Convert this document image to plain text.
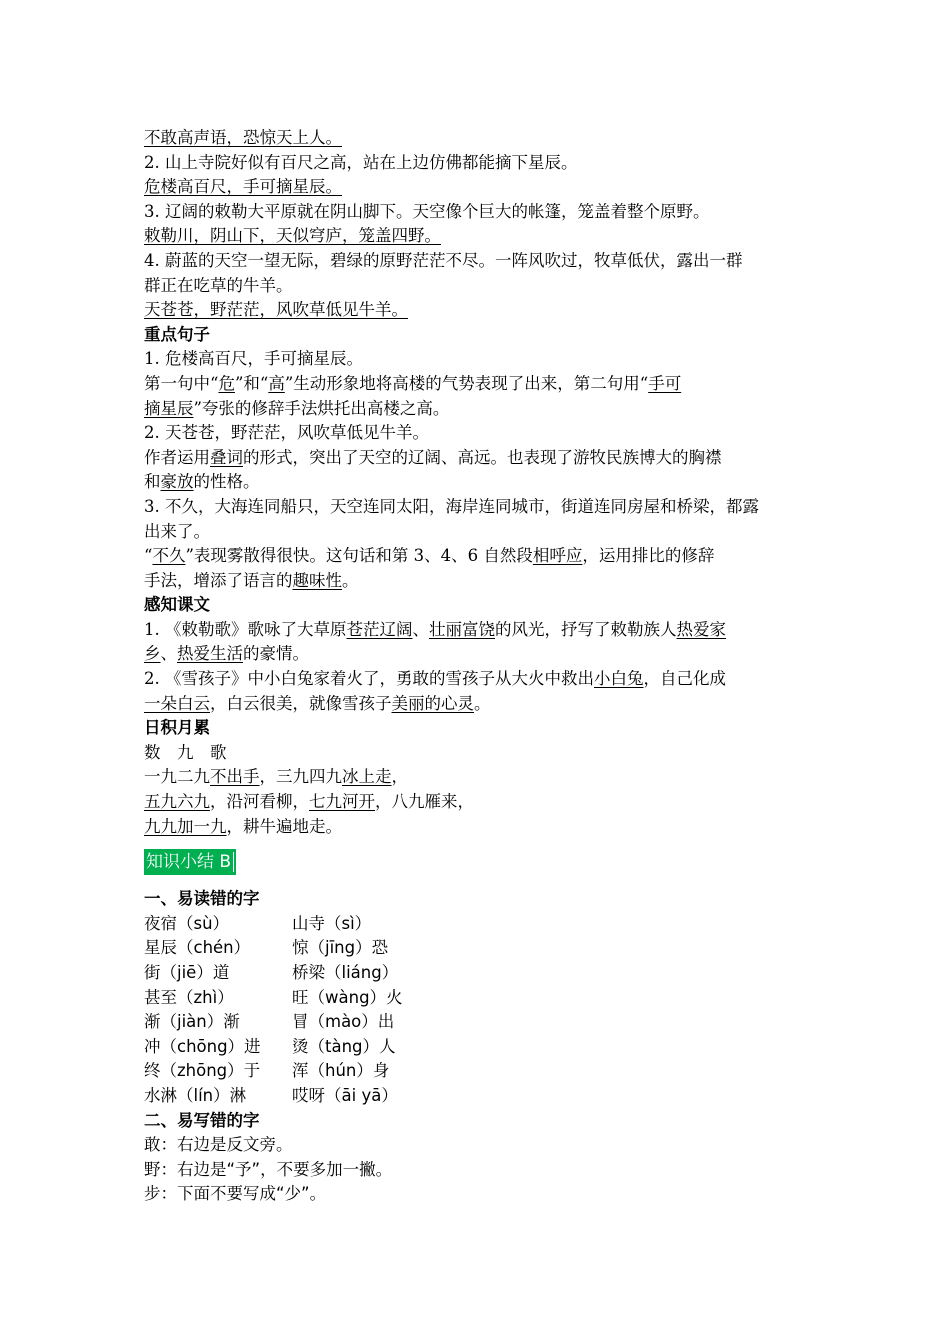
不敢高声语，恐惊天上人。
2. 山上寺院好似有百尺之高，站在上边仿佛都能摘下星辰。
危楼高百尺，手可摘星辰。
3. 辽阔的敕勒大平原就在阴山脚下。天空像个巨大的帐篷，笼盖着整个原野。
敕勒川，阴山下，天似穹庐，笼盖四野。
4. 蔚蓝的天空一望无际，碧绿的原野茫茫不尽。一阵风吹过，牧草低伏，露出一群
群正在吃草的牛羊。
天苍苍，野茫茫，风吹草低见牛羊。
重点句子
1. 危楼高百尺，手可摘星辰。
第一句中“危”和“高”生动形象地将高楼的气势表现了出来，第二句用“手可
摘星辰”夸张的修辞手法烘托出高楼之高。
2. 天苍苍，野茫茫，风吹草低见牛羊。
作者运用叠词的形式，突出了天空的辽阔、高远。也表现了游牧民族博大的胸襟
和豪放的性格。
3. 不久，大海连同船只，天空连同太阳，海岸连同城市，街道连同房屋和桥梁，都露
出来了。
“不久”表现雾散得很快。这句话和第 3、4、6 自然段相呼应，运用排比的修辞
手法，增添了语言的趣味性。
感知课文
1. 《敕勒歌》歌咏了大草原苍茫辽阔、壮丽富饶的风光，抒写了敕勒族人热爱家
乡、热爱生活的豪情。
2. 《雪孩子》中小白兔家着火了，勇敢的雪孩子从大火中救出小白兔，自己化成
一朵白云，白云很美，就像雪孩子美丽的心灵。
日积月累
数　九　歌
一九二九不出手，三九四九冰上走，
五九六九，沿河看柳，七九河开，八九雁来，
九九加一九，耕牛遍地走。
知识小结 B
一、易读错的字
夜宿（sù）	山寺（sì）
星辰（chén）	惊（jīng）恐
街（jiē）道	桥梁（liáng）
甚至（zhì）	旺（wàng）火
渐（jiàn）渐	冒（mào）出
冲（chōng）进	烫（tàng）人
终（zhōng）于	浑（hún）身
水淋（lín）淋	哎呀（āi yā）
二、易写错的字
敢：右边是反文旁。
野：右边是“予”，不要多加一撇。
步：下面不要写成“少”。
